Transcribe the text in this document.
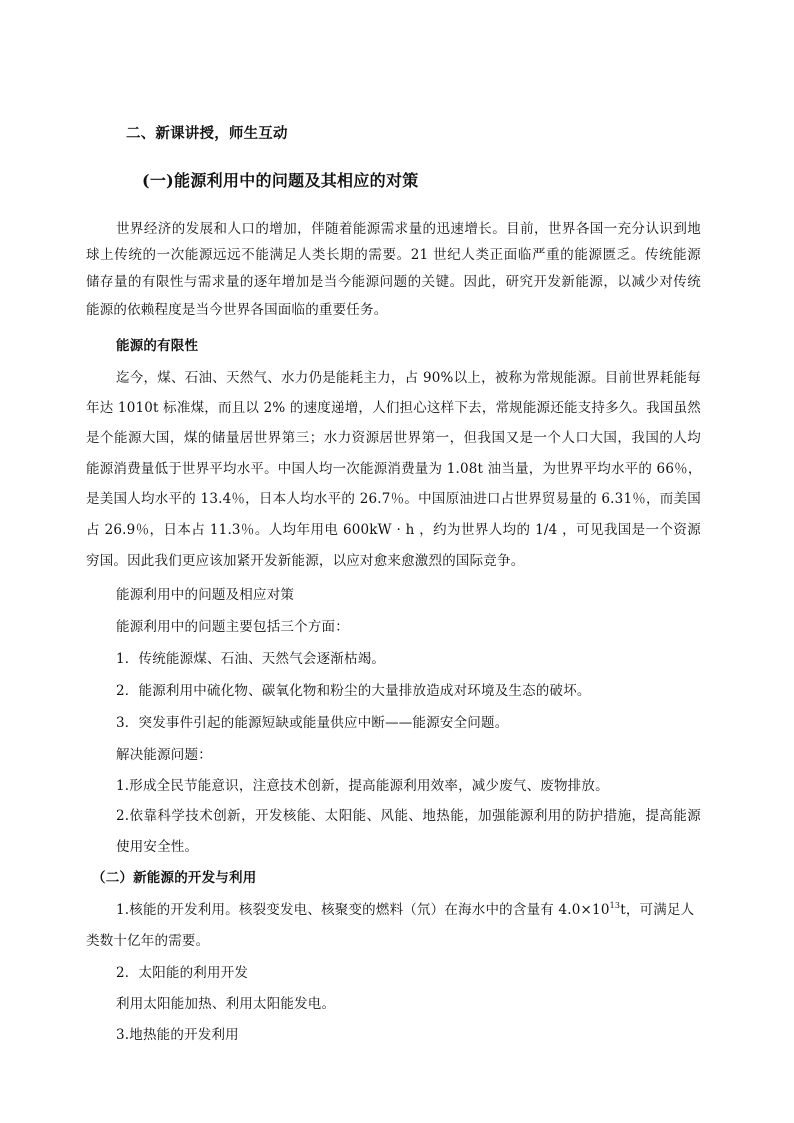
二、新课讲授，师生互动

(一)能源利用中的问题及其相应的对策

世界经济的发展和人口的增加，伴随着能源需求量的迅速增长。目前，世界各国一充分认识到地

球上传统的一次能源远远不能满足人类长期的需要。21 世纪人类正面临严重的能源匮乏。传统能源

储存量的有限性与需求量的逐年增加是当今能源问题的关键。因此，研究开发新能源，以减少对传统

能源的依赖程度是当今世界各国面临的重要任务。

能源的有限性

迄今，煤、石油、天然气、水力仍是能耗主力，占 90%以上，被称为常规能源。目前世界耗能每

年达 1010t 标准煤，而且以 2% 的速度递增，人们担心这样下去，常规能源还能支持多久。我国虽然

是个能源大国，煤的储量居世界第三；水力资源居世界第一，但我国又是一个人口大国，我国的人均

能源消费量低于世界平均水平。中国人均一次能源消费量为 1.08t 油当量，为世界平均水平的 66％，

是美国人均水平的 13.4％，日本人均水平的 26.7％。中国原油进口占世界贸易量的 6.31％，而美国

占 26.9％，日本占 11.3％。人均年用电 600kW · h ，约为世界人均的 1/4 ，可见我国是一个资源

穷国。因此我们更应该加紧开发新能源，以应对愈来愈激烈的国际竞争。

能源利用中的问题及相应对策

能源利用中的问题主要包括三个方面：

1．传统能源煤、石油、天然气会逐渐枯竭。

2．能源利用中硫化物、碳氧化物和粉尘的大量排放造成对环境及生态的破坏。

3．突发事件引起的能源短缺或能量供应中断——能源安全问题。

解决能源问题：

1.形成全民节能意识，注意技术创新，提高能源利用效率，减少废气、废物排放。

2.依靠科学技术创新，开发核能、太阳能、风能、地热能，加强能源利用的防护措施，提高能源

使用安全性。

（二）新能源的开发与利用

1.核能的开发利用。核裂变发电、核聚变的燃料（氘）在海水中的含量有 $4.0\times 10^{13}t$，可满足人

类数十亿年的需要。

2．太阳能的利用开发

利用太阳能加热、利用太阳能发电。

3.地热能的开发利用
